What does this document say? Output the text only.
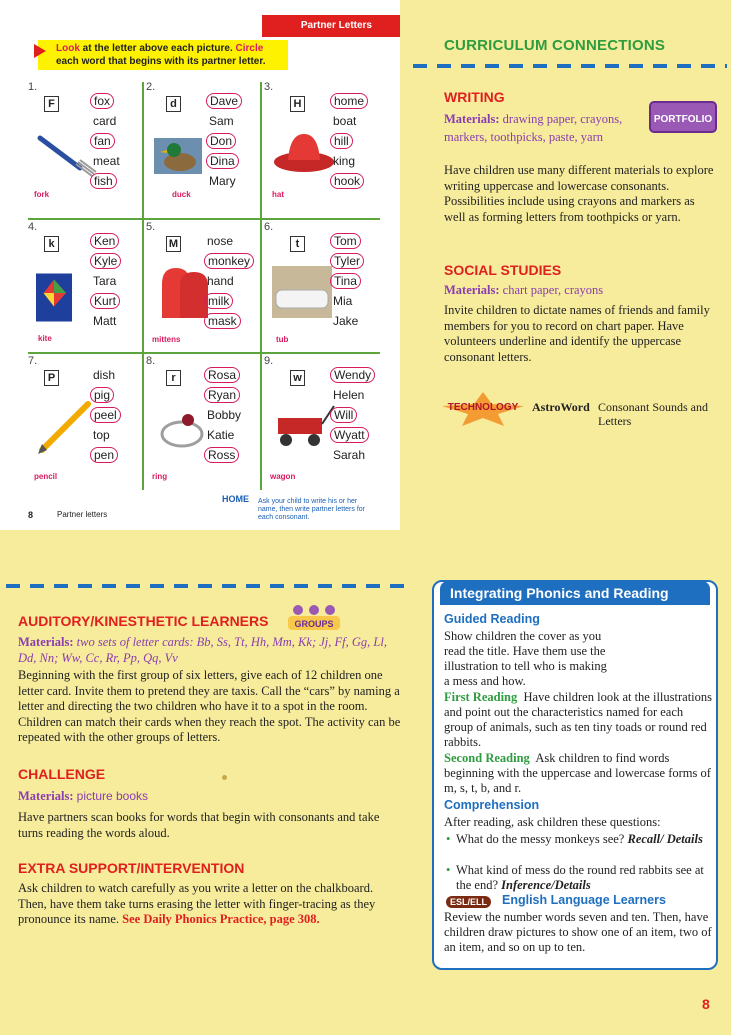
Partner Letters
Look at the letter above each picture. Circle each word that begins with its partner letter.
1.
F
fork
fox
card
fan
meat
fish
2.
d
duck
Dave
Sam
Don
Dina
Mary
3.
H
hat
home
boat
hill
king
hook
4.
k
kite
Ken
Kyle
Tara
Kurt
Matt
5.
M
mittens
nose
monkey
hand
milk
mask
6.
t
tub
Tom
Tyler
Tina
Mia
Jake
7.
P
pencil
dish
pig
peel
top
pen
8.
r
ring
Rosa
Ryan
Bobby
Katie
Ross
9.
w
wagon
Wendy
Helen
Will
Wyatt
Sarah
8	Partner letters
HOME	Ask your child to write his or her name, then write partner letters for each consonant.
CURRICULUM CONNECTIONS
WRITING
Materials: drawing paper, crayons, markers, toothpicks, paste, yarn
Have children use many different materials to explore writing uppercase and lowercase consonants. Possibilities include using crayons and markers as well as forming letters from toothpicks or yarn.
PORTFOLIO
SOCIAL STUDIES
Materials: chart paper, crayons
Invite children to dictate names of friends and family members for you to record on chart paper. Have volunteers underline and identify the uppercase consonant letters.
TECHNOLOGY AstroWord Consonant Sounds and Letters
AUDITORY/KINESTHETIC LEARNERS	GROUPS
Materials: two sets of letter cards: Bb, Ss, Tt, Hh, Mm, Kk; Jj, Ff, Gg, Ll, Dd, Nn; Ww, Cc, Rr, Pp, Qq, Vv
Beginning with the first group of six letters, give each of 12 children one letter card. Invite them to pretend they are taxis. Call the “cars” by naming a letter and directing the two children who have it to a spot in the room. Children can match their cards when they reach the spot. The activity can be repeated with the other groups of letters.
CHALLENGE
Materials: picture books
Have partners scan books for words that begin with consonants and take turns reading the words aloud.
EXTRA SUPPORT/INTERVENTION
Ask children to watch carefully as you write a letter on the chalkboard. Then, have them take turns erasing the letter with finger-tracing as they pronounce its name. See Daily Phonics Practice, page 308.
Integrating Phonics and Reading
Guided Reading
Show children the cover as you read the title. Have them use the illustration to tell who is making a mess and how.
First Reading Have children look at the illustrations and point out the characteristics named for each group of animals, such as ten tiny toads or round red rabbits.
Second Reading Ask children to find words beginning with the uppercase and lowercase forms of m, s, t, b, and r.
Comprehension
After reading, ask children these questions:
• What do the messy monkeys see? Recall/ Details
• What kind of mess do the round red rabbits see at the end? Inference/Details
ESL/ELL	English Language Learners
Review the number words seven and ten. Then, have children draw pictures to show one of an item, two of an item, and so on up to ten.
8
